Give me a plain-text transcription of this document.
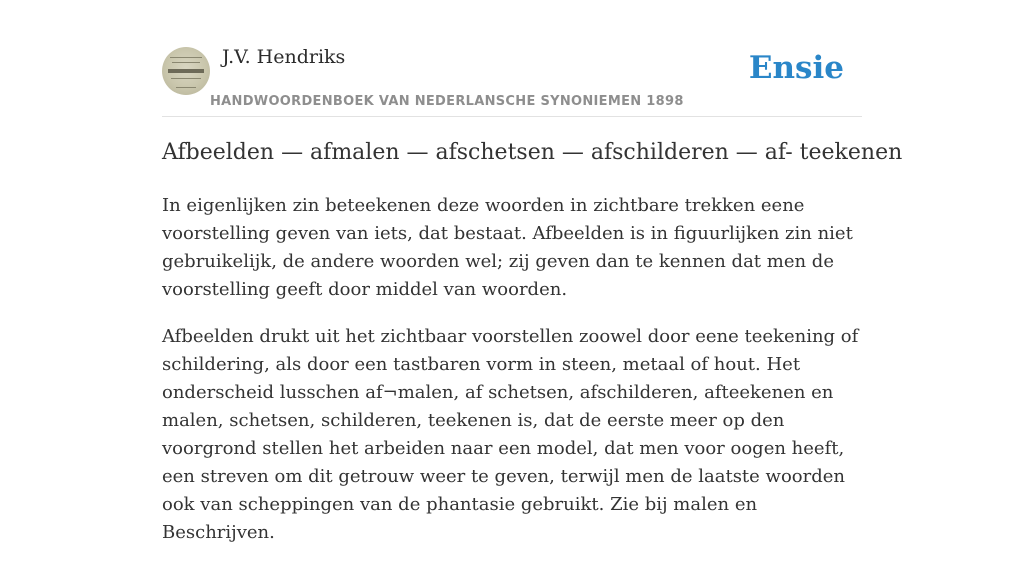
J.V. Hendriks
HANDWOORDENBOEK VAN NEDERLANSCHE SYNONIEMEN 1898
Ensie
Afbeelden — afmalen — afschetsen — afschilderen — af- teekenen

In eigenlijken zin beteekenen deze woorden in zichtbare trekken eene voorstelling geven van iets, dat bestaat. Afbeelden is in figuurlijken zin niet gebruikelijk, de andere woorden wel; zij geven dan te kennen dat men de voorstelling geeft door middel van woorden.

Afbeelden drukt uit het zichtbaar voorstellen zoowel door eene teekening of schildering, als door een tastbaren vorm in steen, metaal of hout. Het onderscheid lusschen af¬malen, af schetsen, afschilderen, afteekenen en malen, schetsen, schilderen, teekenen is, dat de eerste meer op den voorgrond stellen het arbeiden naar een model, dat men voor oogen heeft, een streven om dit getrouw weer te geven, terwijl men de laatste woorden ook van scheppingen van de phantasie gebruikt. Zie bij malen en Beschrijven.
